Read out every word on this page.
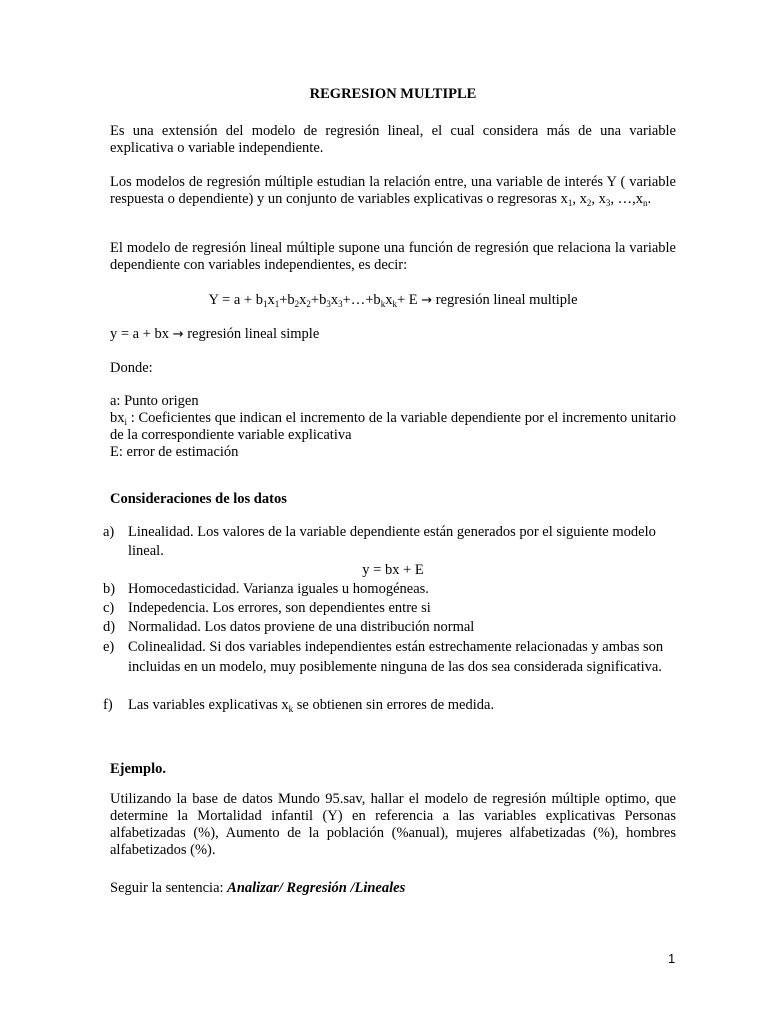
REGRESION MULTIPLE

Es una extensión del modelo de regresión lineal, el cual considera más de una variable explicativa o variable independiente.

Los modelos de regresión múltiple estudian la relación entre, una variable de interés Y ( variable respuesta o dependiente) y un conjunto de variables explicativas o regresoras $x_1$, $x_2$, $x_3$, $\dots,x_n$.

El modelo de regresión lineal múltiple supone una función de regresión que relaciona la variable dependiente con variables independientes, es decir:

$Y = a + b_1x_1+b_2x_2+b_3x_3+\dots+b_kx_k+ E$ → regresión lineal multiple
y = a + bx → regresión lineal simple
Donde:
a: Punto origen

$bx_i$ : Coeficientes que indican el incremento de la variable dependiente por el incremento unitario de la correspondiente variable explicativa

E: error de estimación
Consideraciones de los datos
a) Linealidad. Los valores de la variable dependiente están generados por el siguiente modelo lineal.
y = bx + E
b) Homocedasticidad. Varianza iguales u homogéneas.
c) Indepedencia. Los errores, son dependientes entre si
d) Normalidad. Los datos proviene de una distribución normal
e) Colinealidad. Si dos variables independientes están estrechamente relacionadas y ambas son incluidas en un modelo, muy posiblemente ninguna de las dos sea considerada significativa.
f) Las variables explicativas $x_k$ se obtienen sin errores de medida.
Ejemplo.

Utilizando la base de datos Mundo 95.sav, hallar el modelo de regresión múltiple optimo, que determine la Mortalidad infantil (Y) en referencia a las variables explicativas Personas alfabetizadas (%), Aumento de la población (%anual), mujeres alfabetizadas (%), hombres alfabetizados (%).

Seguir la sentencia: Analizar/ Regresión /Lineales
1
